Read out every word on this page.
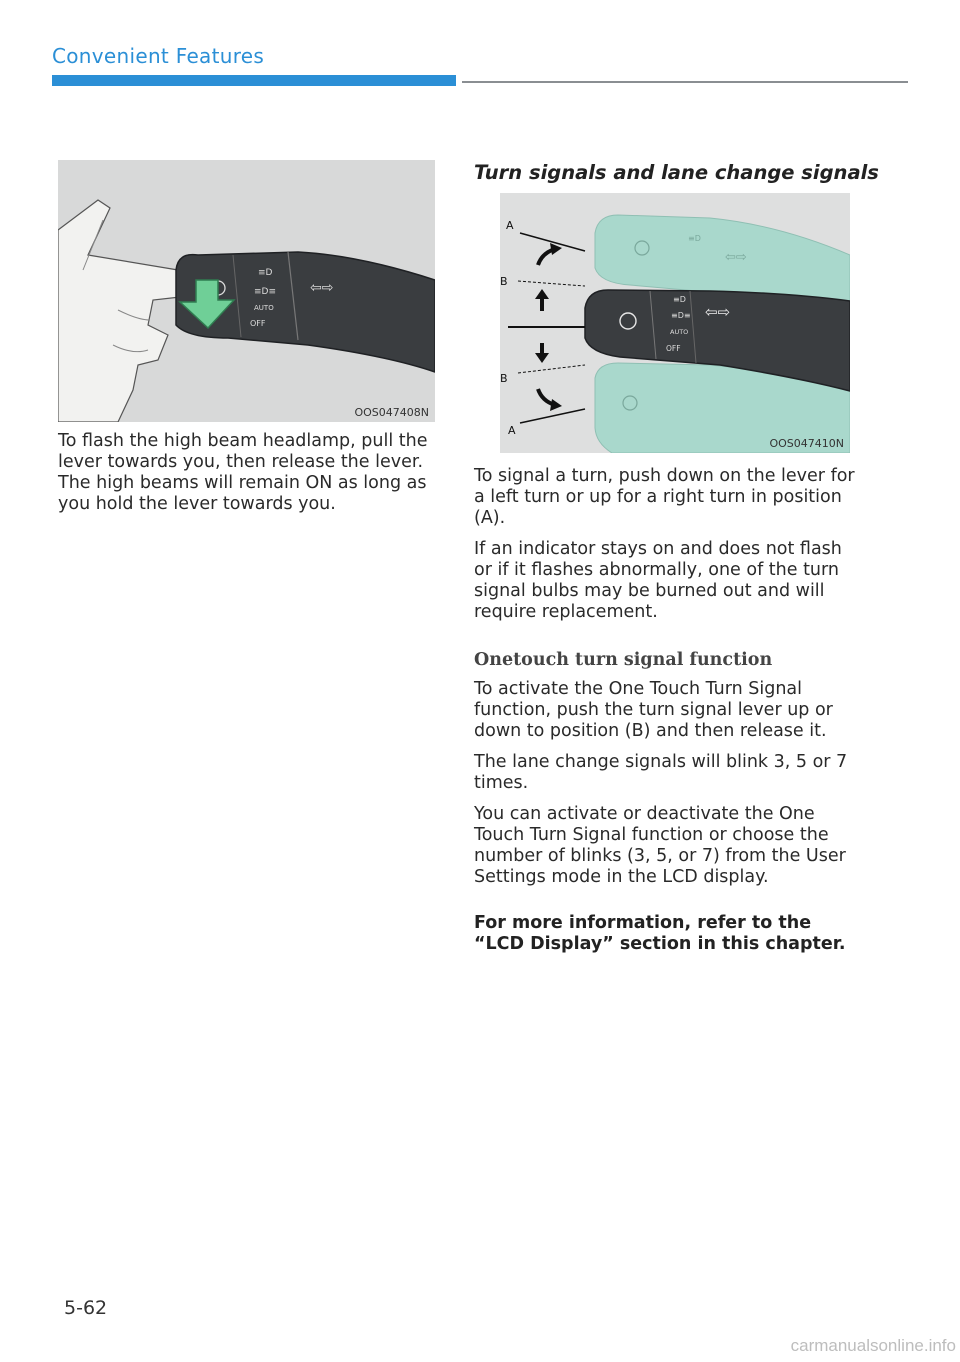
Convenient Features
≡D
≡D≡
AUTO
OFF
⇦⇨
OOS047408N
≡D
⇦⇨
≡D
≡D≡
AUTO
OFF
⇦⇨
A
B
B
A
OOS047410N

To flash the high beam headlamp, pull the lever towards you, then release the lever. The high beams will remain ON as long as you hold the lever towards you.

Turn signals and lane change signals

To signal a turn, push down on the lever for a left turn or up for a right turn in position (A).

If an indicator stays on and does not flash or if it flashes abnormally, one of the turn signal bulbs may be burned out and will require replacement.

Onetouch turn signal function

To activate the One Touch Turn Signal function, push the turn signal lever up or down to position (B) and then release it.

The lane change signals will blink 3, 5 or 7 times.

You can activate or deactivate the One Touch Turn Signal function or choose the number of blinks (3, 5, or 7) from the User Settings mode in the LCD display.

For more information, refer to the “LCD Display” section in this chapter.

5-62
carmanualsonline.info
